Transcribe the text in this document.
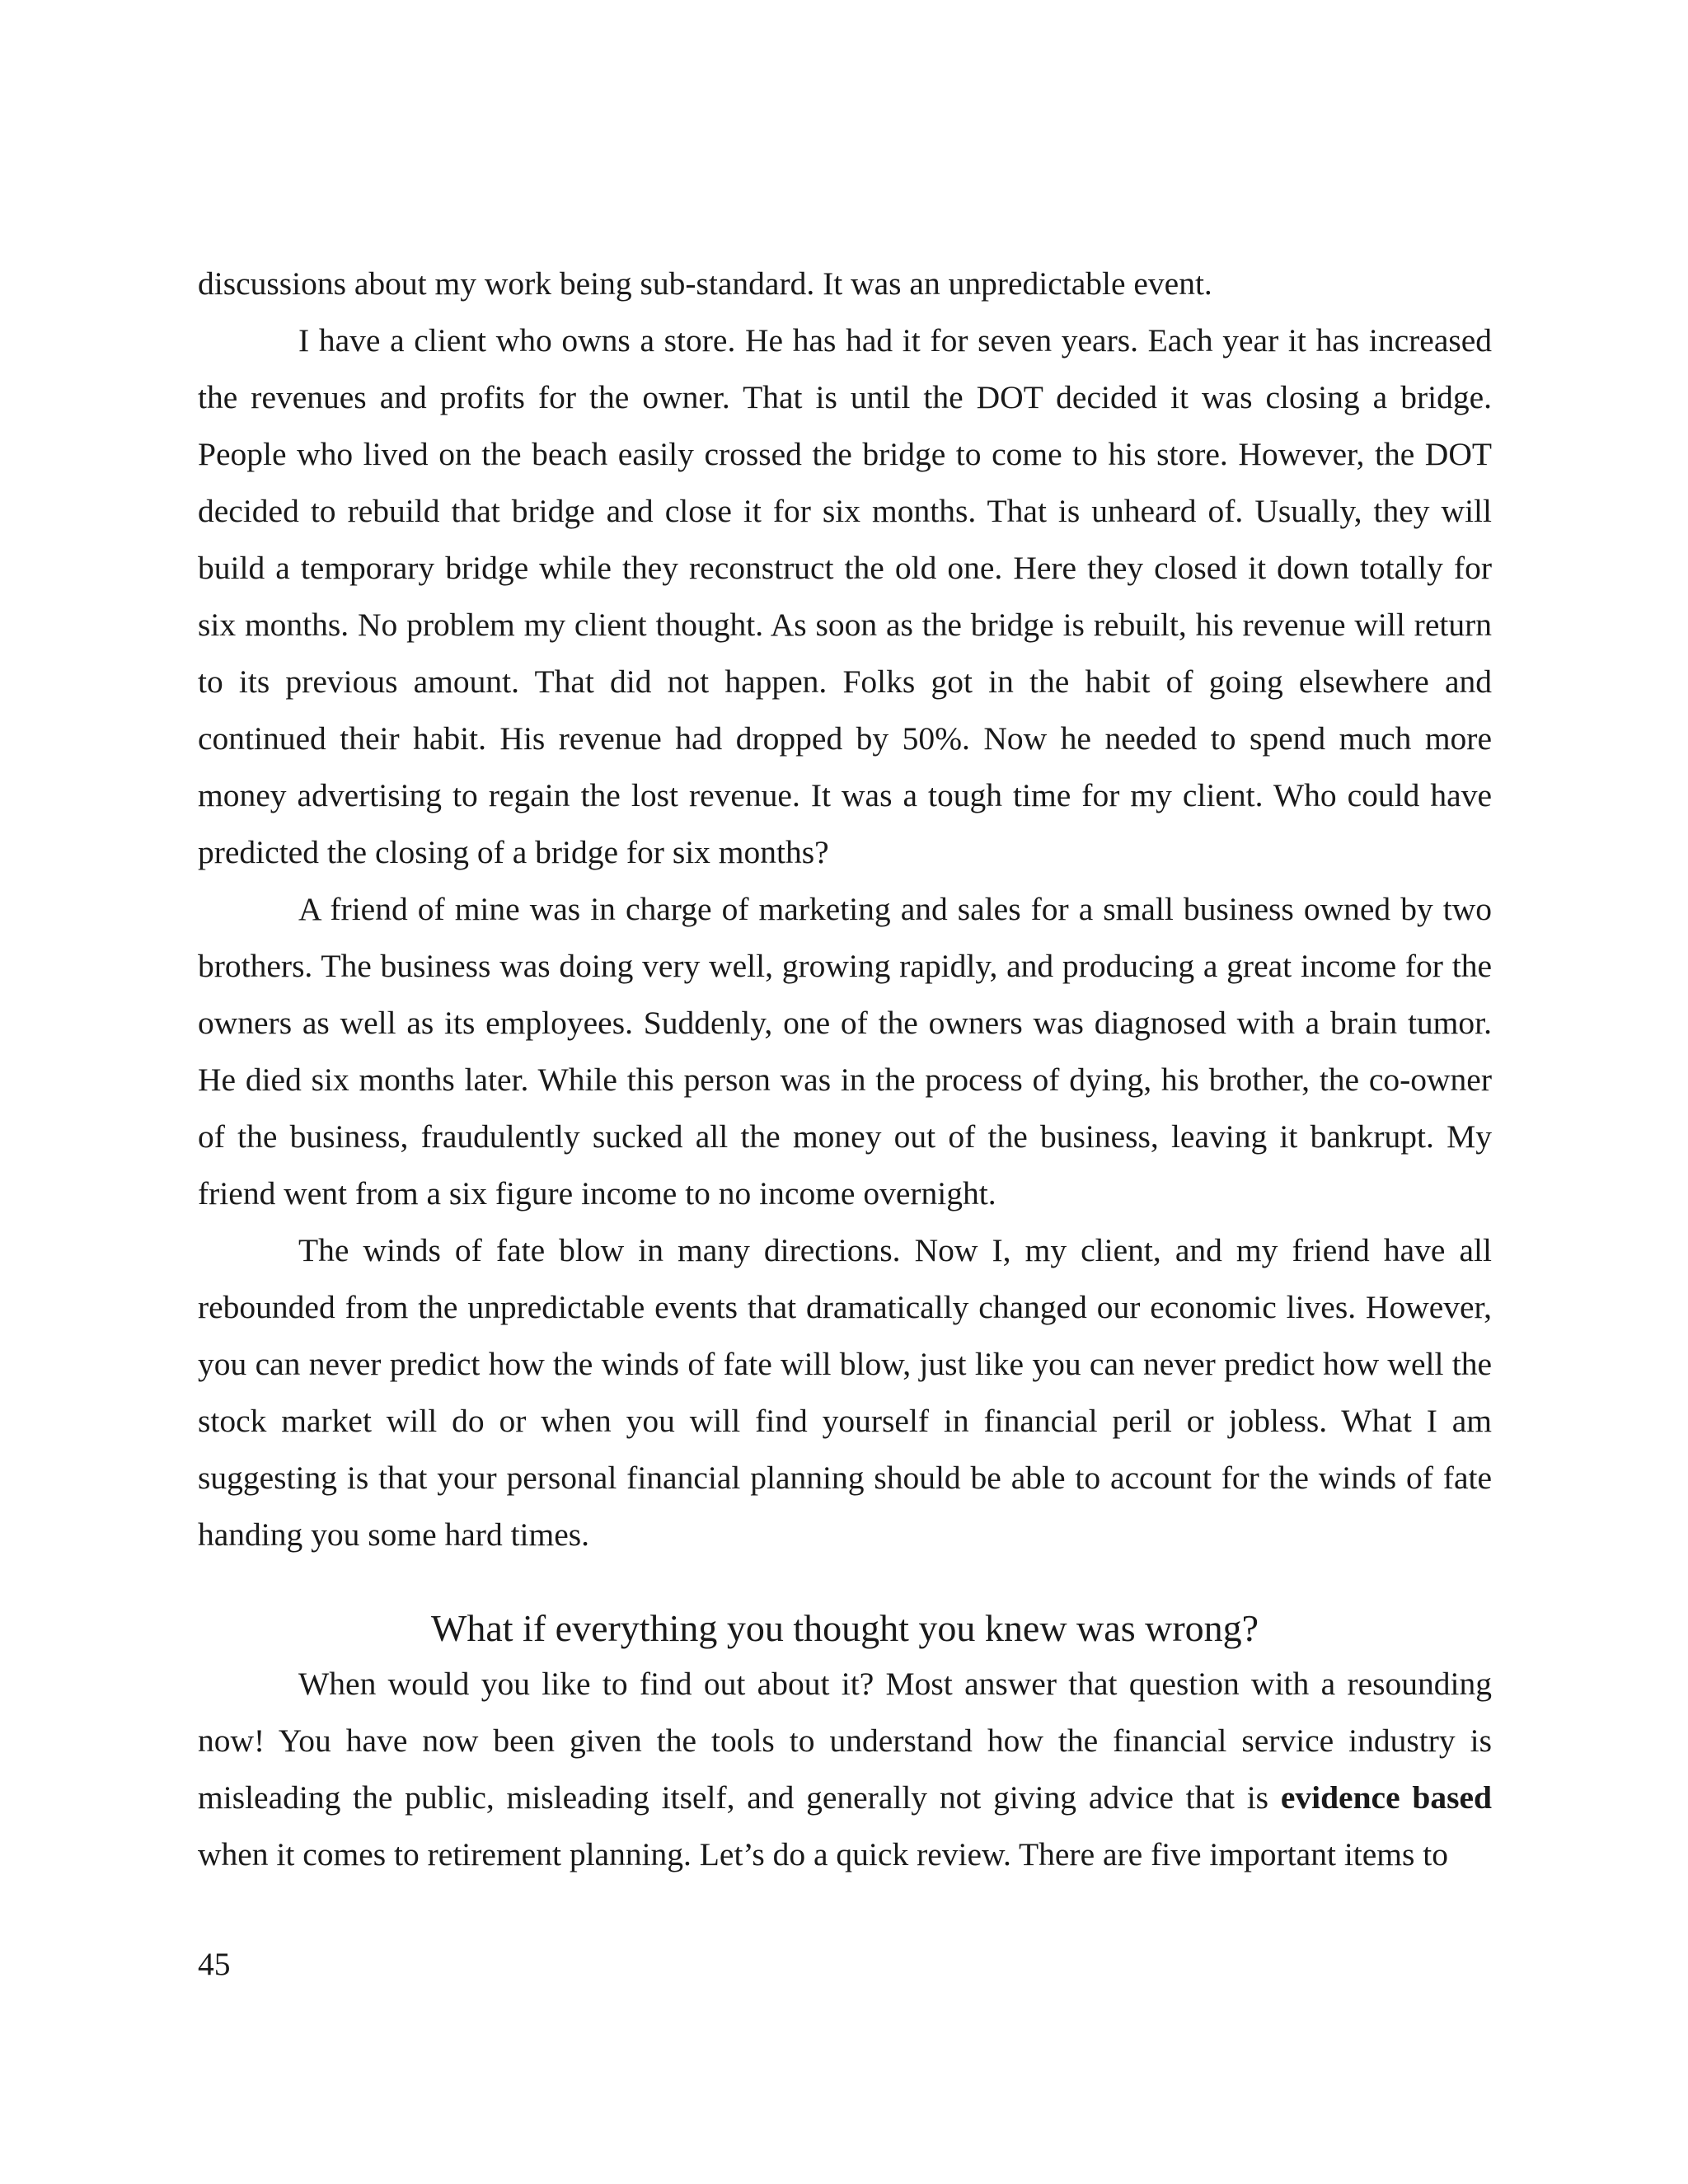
discussions about my work being sub-standard. It was an unpredictable event.

I have a client who owns a store. He has had it for seven years. Each year it has increased the revenues and profits for the owner. That is until the DOT decided it was closing a bridge. People who lived on the beach easily crossed the bridge to come to his store. However, the DOT decided to rebuild that bridge and close it for six months. That is unheard of. Usually, they will build a temporary bridge while they reconstruct the old one. Here they closed it down totally for six months. No problem my client thought. As soon as the bridge is rebuilt, his revenue will return to its previous amount. That did not happen. Folks got in the habit of going elsewhere and continued their habit. His revenue had dropped by 50%. Now he needed to spend much more money advertising to regain the lost revenue. It was a tough time for my client. Who could have predicted the closing of a bridge for six months?

A friend of mine was in charge of marketing and sales for a small business owned by two brothers. The business was doing very well, growing rapidly, and producing a great income for the owners as well as its employees. Suddenly, one of the owners was diagnosed with a brain tumor. He died six months later. While this person was in the process of dying, his brother, the co-owner of the business, fraudulently sucked all the money out of the business, leaving it bankrupt. My friend went from a six figure income to no income overnight.

The winds of fate blow in many directions. Now I, my client, and my friend have all rebounded from the unpredictable events that dramatically changed our economic lives. However, you can never predict how the winds of fate will blow, just like you can never predict how well the stock market will do or when you will find yourself in financial peril or jobless. What I am suggesting is that your personal financial planning should be able to account for the winds of fate handing you some hard times.

What if everything you thought you knew was wrong?

When would you like to find out about it? Most answer that question with a resounding now! You have now been given the tools to understand how the financial service industry is misleading the public, misleading itself, and generally not giving advice that is evidence based when it comes to retirement planning. Let’s do a quick review. There are five important items to

45
